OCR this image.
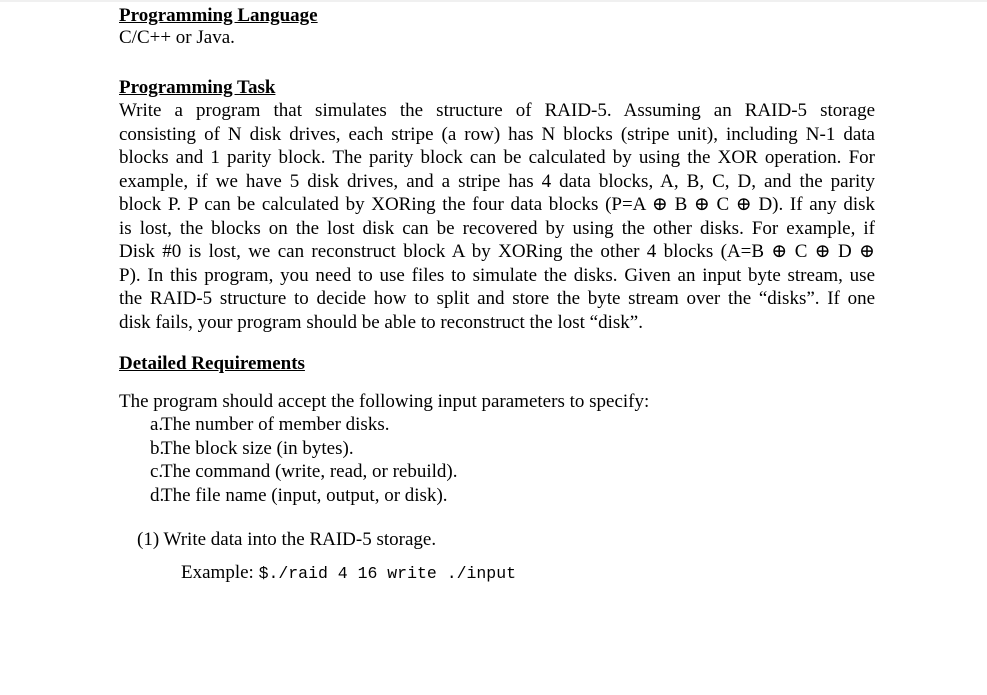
Programming Language

C/C++ or Java.

Programming Task

Write a program that simulates the structure of RAID-5. Assuming an RAID-5 storage

consisting of N disk drives, each stripe (a row) has N blocks (stripe unit), including N-1 data

blocks and 1 parity block. The parity block can be calculated by using the XOR operation. For

example, if we have 5 disk drives, and a stripe has 4 data blocks, A, B, C, D, and the parity

block P. P can be calculated by XORing the four data blocks (P=A ⊕ B ⊕ C ⊕ D). If any disk

is lost, the blocks on the lost disk can be recovered by using the other disks. For example, if

Disk #0 is lost, we can reconstruct block A by XORing the other 4 blocks (A=B ⊕ C ⊕ D ⊕

P). In this program, you need to use files to simulate the disks. Given an input byte stream, use

the RAID-5 structure to decide how to split and store the byte stream over the “disks”. If one

disk fails, your program should be able to reconstruct the lost “disk”.

Detailed Requirements

The program should accept the following input parameters to specify:

a.
The number of member disks.
b.
The block size (in bytes).
c.
The command (write, read, or rebuild).
d.
The file name (input, output, or disk).

(1) Write data into the RAID-5 storage.

Example: $./raid 4 16 write ./input
